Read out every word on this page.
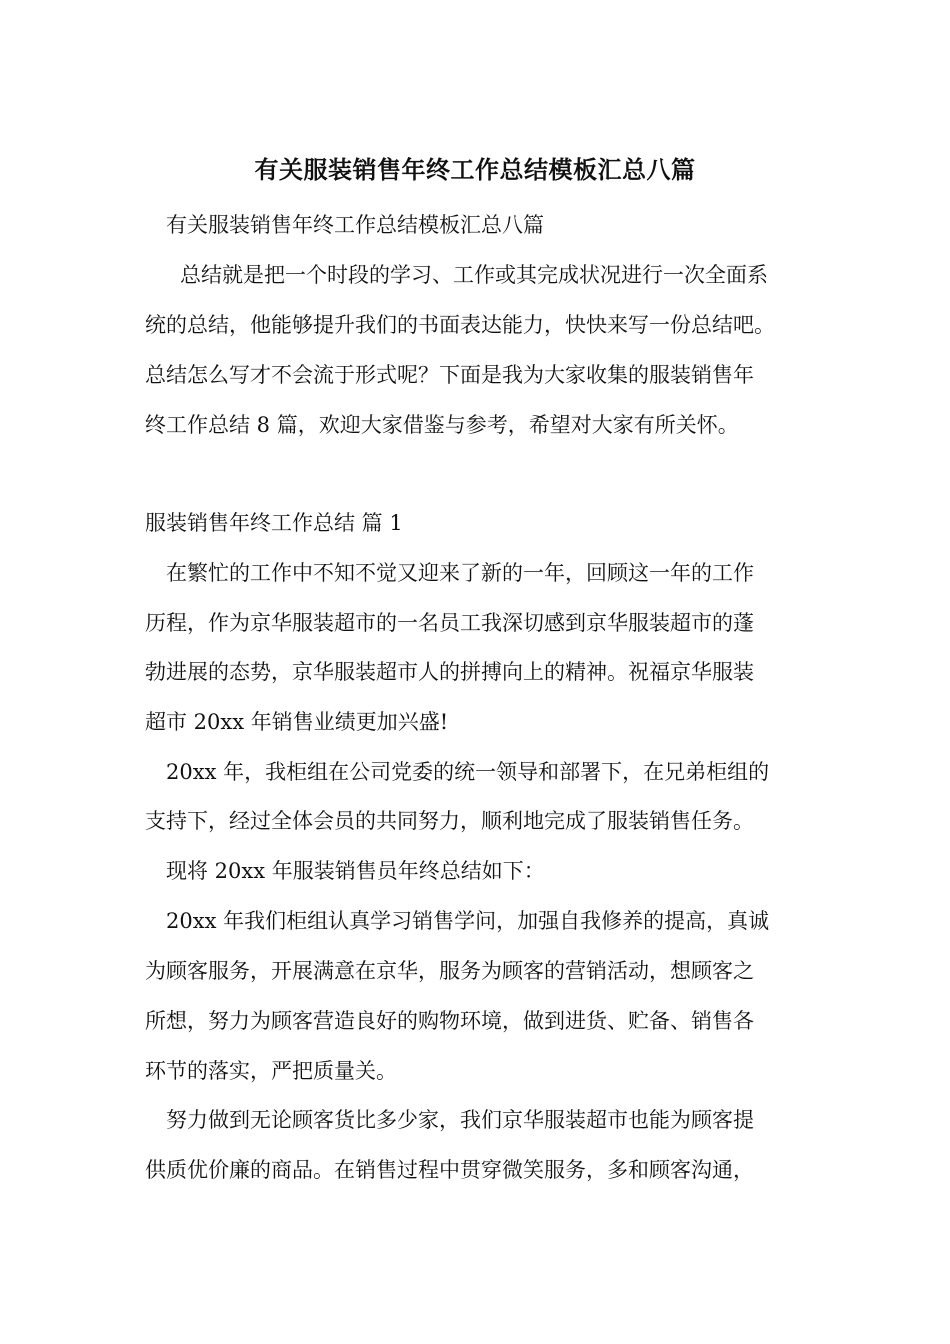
有关服装销售年终工作总结模板汇总八篇

有关服装销售年终工作总结模板汇总八篇

总结就是把一个时段的学习、工作或其完成状况进行一次全面系

统的总结，他能够提升我们的书面表达能力，快快来写一份总结吧。

总结怎么写才不会流于形式呢？下面是我为大家收集的服装销售年

终工作总结 8 篇，欢迎大家借鉴与参考，希望对大家有所关怀。

服装销售年终工作总结 篇 1

在繁忙的工作中不知不觉又迎来了新的一年，回顾这一年的工作

历程，作为京华服装超市的一名员工我深切感到京华服装超市的蓬

勃进展的态势，京华服装超市人的拼搏向上的精神。祝福京华服装

超市 20xx 年销售业绩更加兴盛!

20xx 年，我柜组在公司党委的统一领导和部署下，在兄弟柜组的

支持下，经过全体会员的共同努力，顺利地完成了服装销售任务。

现将 20xx 年服装销售员年终总结如下：

20xx 年我们柜组认真学习销售学问，加强自我修养的提高，真诚

为顾客服务，开展满意在京华，服务为顾客的营销活动，想顾客之

所想，努力为顾客营造良好的购物环境，做到进货、贮备、销售各

环节的落实，严把质量关。

努力做到无论顾客货比多少家，我们京华服装超市也能为顾客提

供质优价廉的商品。在销售过程中贯穿微笑服务，多和顾客沟通，
